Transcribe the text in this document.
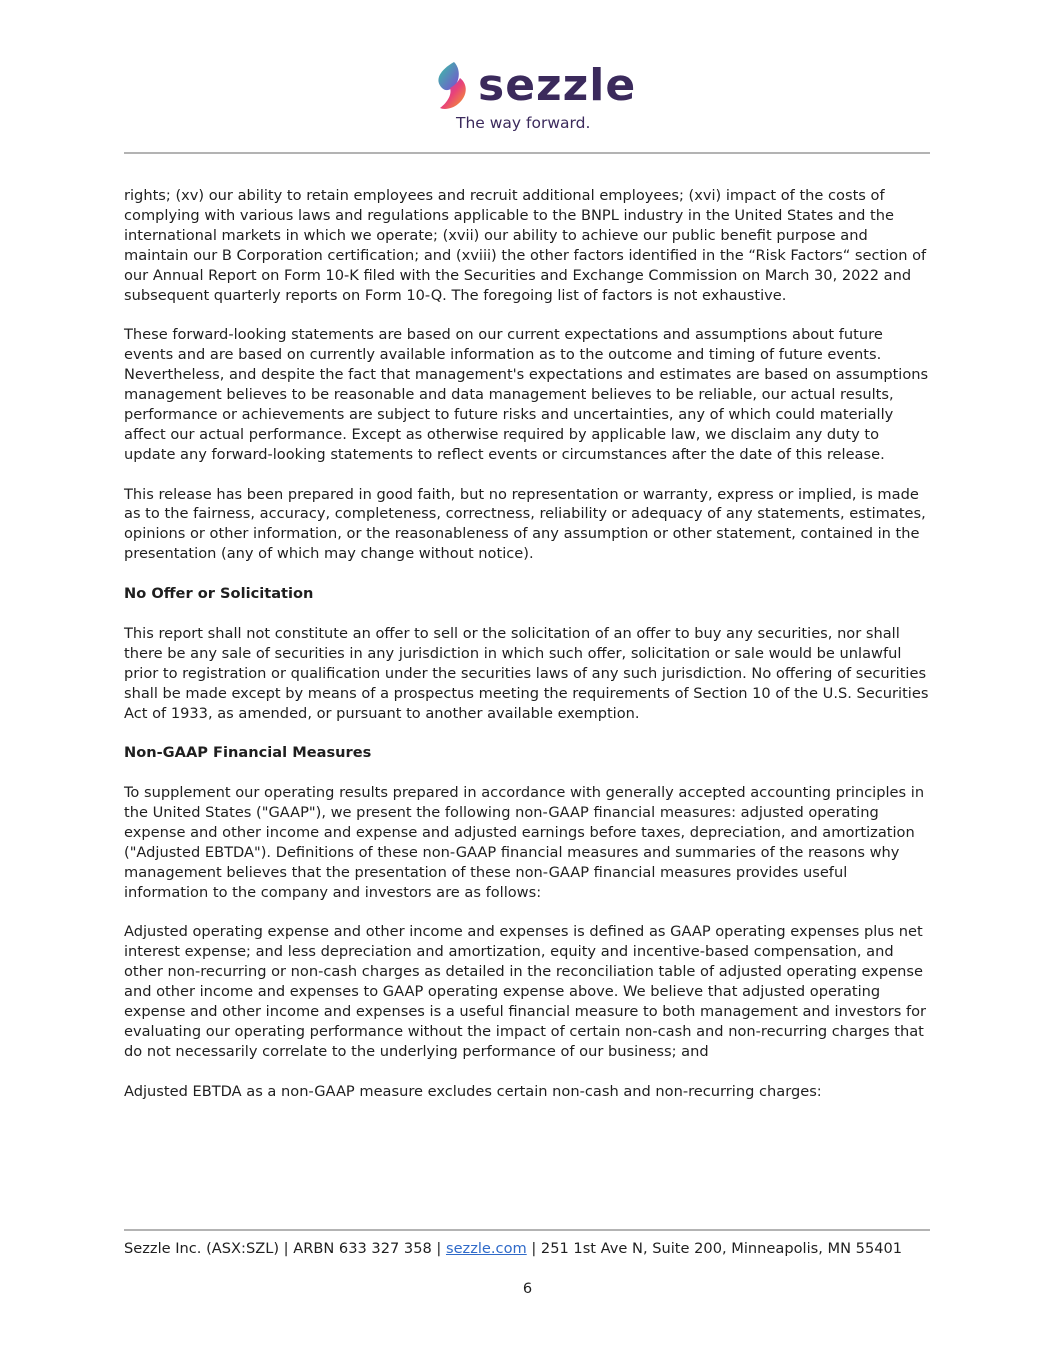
sezzle
The way forward.

rights; (xv) our ability to retain employees and recruit additional employees; (xvi) impact of the costs of complying with various laws and regulations applicable to the BNPL industry in the United States and the international markets in which we operate; (xvii) our ability to achieve our public benefit purpose and maintain our B Corporation certification; and (xviii) the other factors identified in the “Risk Factors“ section of our Annual Report on Form 10-K filed with the Securities and Exchange Commission on March 30, 2022 and subsequent quarterly reports on Form 10-Q. The foregoing list of factors is not exhaustive.

These forward-looking statements are based on our current expectations and assumptions about future events and are based on currently available information as to the outcome and timing of future events. Nevertheless, and despite the fact that management's expectations and estimates are based on assumptions management believes to be reasonable and data management believes to be reliable, our actual results, performance or achievements are subject to future risks and uncertainties, any of which could materially affect our actual performance. Except as otherwise required by applicable law, we disclaim any duty to update any forward-looking statements to reflect events or circumstances after the date of this release.

This release has been prepared in good faith, but no representation or warranty, express or implied, is made as to the fairness, accuracy, completeness, correctness, reliability or adequacy of any statements, estimates, opinions or other information, or the reasonableness of any assumption or other statement, contained in the presentation (any of which may change without notice).

No Offer or Solicitation

This report shall not constitute an offer to sell or the solicitation of an offer to buy any securities, nor shall there be any sale of securities in any jurisdiction in which such offer, solicitation or sale would be unlawful prior to registration or qualification under the securities laws of any such jurisdiction. No offering of securities shall be made except by means of a prospectus meeting the requirements of Section 10 of the U.S. Securities Act of 1933, as amended, or pursuant to another available exemption.

Non-GAAP Financial Measures

To supplement our operating results prepared in accordance with generally accepted accounting principles in the United States ("GAAP"), we present the following non-GAAP financial measures: adjusted operating expense and other income and expense and adjusted earnings before taxes, depreciation, and amortization ("Adjusted EBTDA"). Definitions of these non-GAAP financial measures and summaries of the reasons why management believes that the presentation of these non-GAAP financial measures provides useful information to the company and investors are as follows:

Adjusted operating expense and other income and expenses is defined as GAAP operating expenses plus net interest expense; and less depreciation and amortization, equity and incentive-based compensation, and other non-recurring or non-cash charges as detailed in the reconciliation table of adjusted operating expense and other income and expenses to GAAP operating expense above. We believe that adjusted operating expense and other income and expenses is a useful financial measure to both management and investors for evaluating our operating performance without the impact of certain non-cash and non-recurring charges that do not necessarily correlate to the underlying performance of our business; and

Adjusted EBTDA as a non-GAAP measure excludes certain non-cash and non-recurring charges:

Sezzle Inc. (ASX:SZL) | ARBN 633 327 358 | sezzle.com | 251 1st Ave N, Suite 200, Minneapolis, MN 55401
6
